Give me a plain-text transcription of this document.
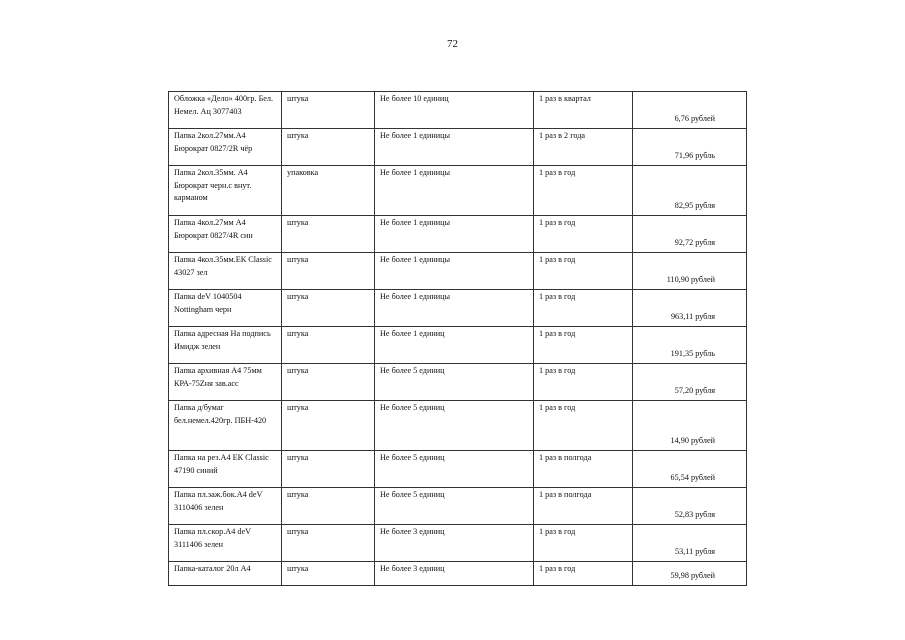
72
Обложка «Дело» 400гр. Бел. Немел. Ац 3077403	штука	Не более 10 единиц	1 раз в квартал	6,76 рублей
Папка 2кол.27мм.А4 Бюрократ 0827/2R чёр	штука	Не более 1 единицы	1 раз в 2 года	71,96 рубль
Папка 2кол.35мм. А4 Бюрократ черн.с внут. карманом	упаковка	Не более 1 единицы	1 раз в год	82,95 рубля
Папка 4кол.27мм А4 Бюрократ 0827/4R син	штука	Не более 1 единицы	1 раз в год	92,72 рубля
Папка 4кол.35мм.ЕК Classic 43027 зел	штука	Не более 1 единицы	1 раз в год	110,90 рублей
Папка deV 1040504 Nottingham черн	штука	Не более 1 единицы	1 раз в год	963,11 рубля
Папка адресная На подпись Имидж зелен	штука	Не более 1 единиц	1 раз в год	191,35 рубль
Папка архивная А4 75мм КРА-75Zня зав.асс	штука	Не более 5 единиц	1 раз в год	57,20 рубля
Папка д/бумаг бел.немел.420гр. ПБН-420	штука	Не более 5 единиц	1 раз в год	14,90 рублей
Папка на рез.А4 ЕК Classic 47190 синий	штука	Не более 5 единиц	1 раз в полгода	65,54 рублей
Папка пл.заж.бок.А4 deV 3110406 зелен	штука	Не более 5 единиц	1 раз в полгода	52,83 рубля
Папка пл.скор.А4 deV 3111406 зелен	штука	Не более 3 единиц	1 раз в год	53,11 рубля
Папка-каталог 20л А4	штука	Не более 3 единиц	1 раз в год	59,98 рублей
